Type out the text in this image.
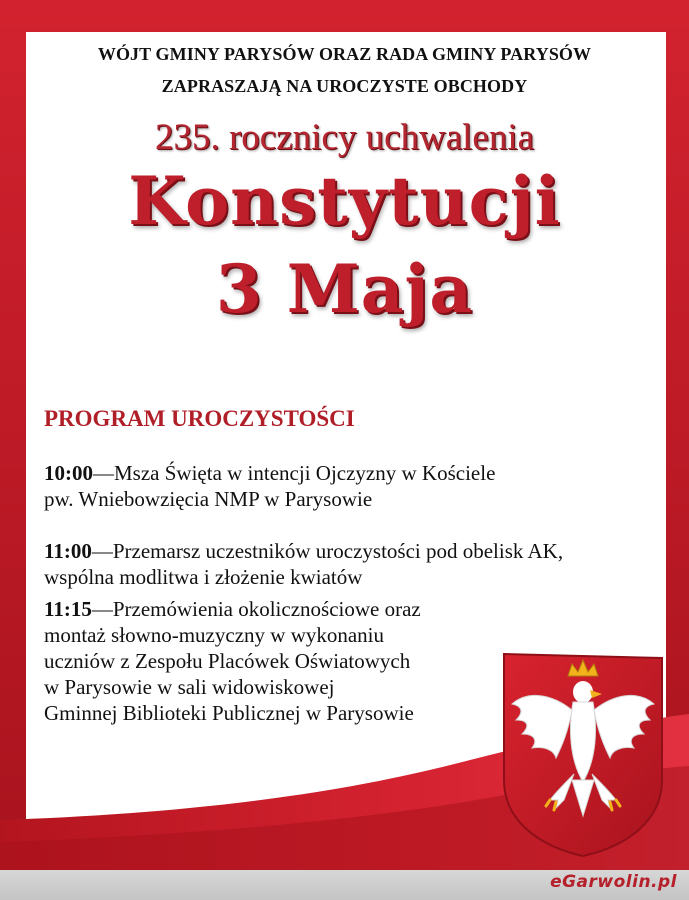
WÓJT GMINY PARYSÓW ORAZ RADA GMINY PARYSÓW
ZAPRASZAJĄ NA UROCZYSTE OBCHODY
235. rocznicy uchwalenia
Konstytucji
3 Maja
PROGRAM UROCZYSTOŚCI
10:00—Msza Święta w intencji Ojczyzny w Kościele
pw. Wniebowzięcia NMP w Parysowie
11:00—Przemarsz uczestników uroczystości pod obelisk AK,
wspólna modlitwa i złożenie kwiatów
11:15—Przemówienia okolicznościowe oraz
montaż słowno-muzyczny w wykonaniu
uczniów z Zespołu Placówek Oświatowych
w Parysowie w sali widowiskowej
Gminnej Biblioteki Publicznej w Parysowie
eGarwolin.pl
